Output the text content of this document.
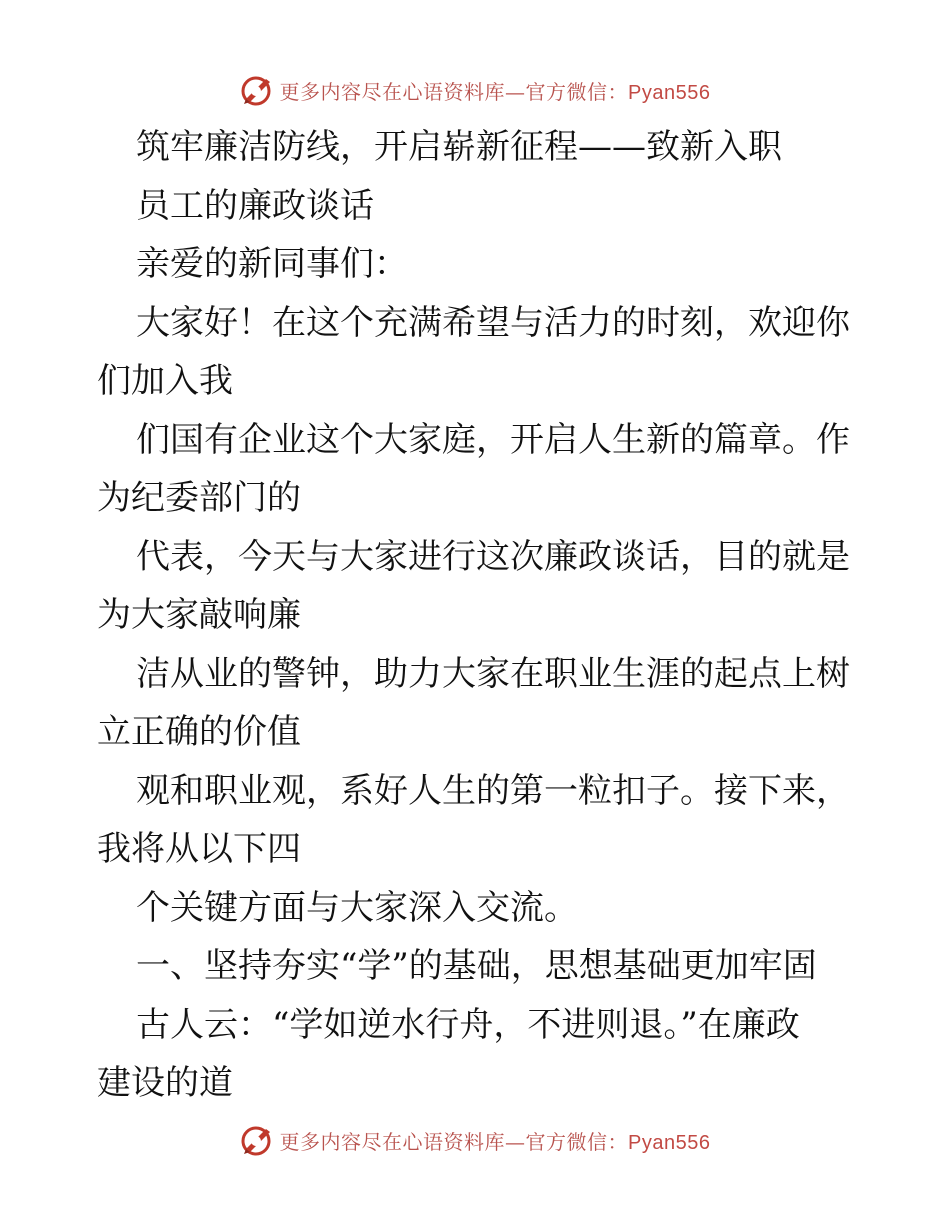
更多内容尽在心语资料库—官方微信：Pyan556
筑牢廉洁防线，开启崭新征程——致新入职
员工的廉政谈话
亲爱的新同事们：
大家好！在这个充满希望与活力的时刻，欢迎你
们加入我
们国有企业这个大家庭，开启人生新的篇章。作
为纪委部门的
代表，今天与大家进行这次廉政谈话，目的就是
为大家敲响廉
洁从业的警钟，助力大家在职业生涯的起点上树
立正确的价值
观和职业观，系好人生的第一粒扣子。接下来，
我将从以下四
个关键方面与大家深入交流。
一、坚持夯实“学”的基础，思想基础更加牢固
古人云：“学如逆水行舟，不进则退。”在廉政
建设的道
更多内容尽在心语资料库—官方微信：Pyan556
